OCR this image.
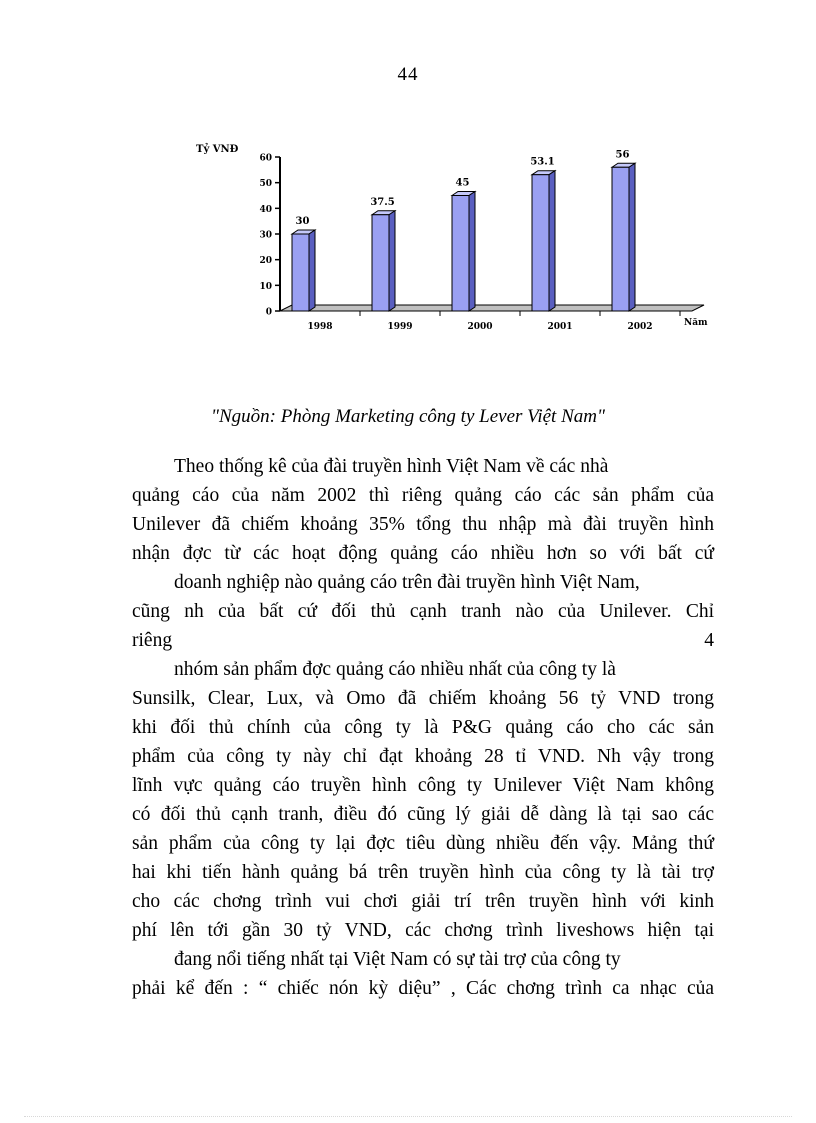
44
0
10
20
30
40
50
60
Tỷ VNĐ
30
1998
37.5
1999
45
2000
53.1
2001
56
2002	Năm
"Nguồn: Phòng Marketing công ty Lever Việt Nam"
Theo thống kê của đài truyền hình Việt Nam về các nhà
quảng cáo của năm 2002 thì riêng quảng cáo các sản phẩm của
Unilever đã chiếm khoảng 35% tổng thu nhập mà đài truyền hình
nhận đợc từ các hoạt động quảng cáo nhiều hơn so với bất cứ
doanh nghiệp nào quảng cáo trên đài truyền hình Việt Nam,
cũng nh của bất cứ đối thủ cạnh tranh nào của Unilever. Chỉ
riêng	4
nhóm sản phẩm đợc quảng cáo nhiều nhất của công ty là
Sunsilk, Clear, Lux, và Omo đã chiếm khoảng 56 tỷ VND trong
khi đối thủ chính của công ty là P&G quảng cáo cho các sản
phẩm của công ty này chỉ đạt khoảng 28 tỉ VND. Nh vậy trong
lĩnh vực quảng cáo truyền hình công ty Unilever Việt Nam không
có đối thủ cạnh tranh, điều đó cũng lý giải dễ dàng là tại sao các
sản phẩm của công ty lại đợc tiêu dùng nhiều đến vậy. Mảng thứ
hai khi tiến hành quảng bá trên truyền hình của công ty là tài trợ
cho các chơng trình vui chơi giải trí trên truyền hình với kinh
phí lên tới gần 30 tỷ VND, các chơng trình liveshows hiện tại
đang nổi tiếng nhất tại Việt Nam có sự tài trợ của công ty
phải kể đến : “ chiếc nón kỳ diệu” , Các chơng trình ca nhạc của
